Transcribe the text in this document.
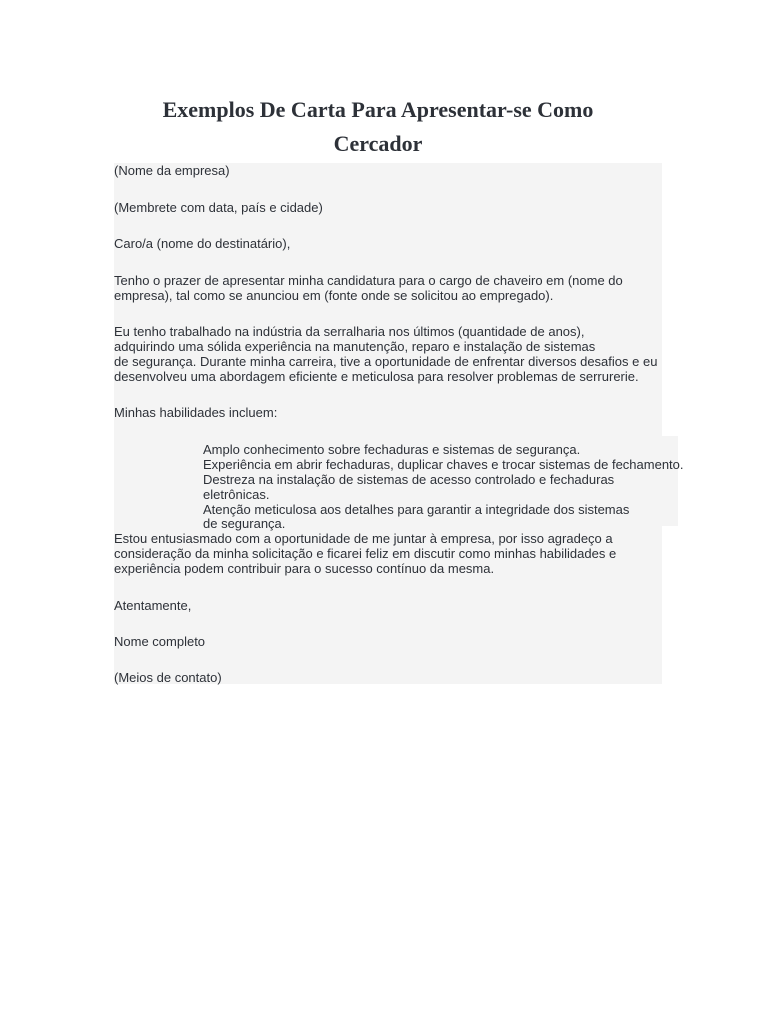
Exemplos De Carta Para Apresentar-se Como
Cercador
(Nome da empresa)
(Membrete com data, país e cidade)
Caro/a (nome do destinatário),
Tenho o prazer de apresentar minha candidatura para o cargo de chaveiro em (nome do
empresa), tal como se anunciou em (fonte onde se solicitou ao empregado).
Eu tenho trabalhado na indústria da serralharia nos últimos (quantidade de anos),
adquirindo uma sólida experiência na manutenção, reparo e instalação de sistemas
de segurança. Durante minha carreira, tive a oportunidade de enfrentar diversos desafios e eu
desenvolveu uma abordagem eficiente e meticulosa para resolver problemas de serrurerie.
Minhas habilidades incluem:
Amplo conhecimento sobre fechaduras e sistemas de segurança.
Experiência em abrir fechaduras, duplicar chaves e trocar sistemas de fechamento.
Destreza na instalação de sistemas de acesso controlado e fechaduras
eletrônicas.
Atenção meticulosa aos detalhes para garantir a integridade dos sistemas
de segurança.
Estou entusiasmado com a oportunidade de me juntar à empresa, por isso agradeço a
consideração da minha solicitação e ficarei feliz em discutir como minhas habilidades e
experiência podem contribuir para o sucesso contínuo da mesma.
Atentamente,
Nome completo
(Meios de contato)
